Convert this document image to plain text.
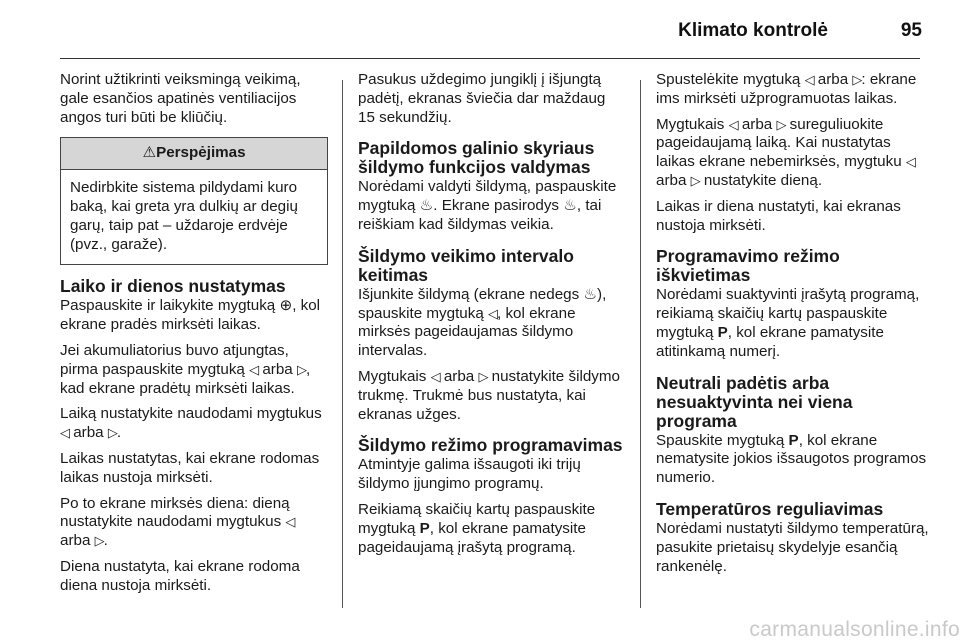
Klimato kontrolė	95

Norint užtikrinti veiksmingą veikimą, gale esančios apatinės ventiliacijos angos turi būti be kliūčių.

⚠Perspėjimas
Nedirbkite sistema pildydami kuro baką, kai greta yra dulkių ar degių garų, taip pat – uždaroje erdvėje (pvz., garaže).
Laiko ir dienos nustatymas

Paspauskite ir laikykite mygtuką ⊕, kol ekrane pradės mirksėti laikas.

Jei akumuliatorius buvo atjungtas, pirma paspauskite mygtuką ◁ arba ▷, kad ekrane pradėtų mirksėti laikas.

Laiką nustatykite naudodami mygtukus ◁ arba ▷.

Laikas nustatytas, kai ekrane rodomas laikas nustoja mirksėti.

Po to ekrane mirksės diena: dieną nustatykite naudodami mygtukus ◁ arba ▷.

Diena nustatyta, kai ekrane rodoma diena nustoja mirksėti.

Pasukus uždegimo jungiklį į išjungtą padėtį, ekranas šviečia dar maždaug 15 sekundžių.

Papildomos galinio skyriaus šildymo funkcijos valdymas

Norėdami valdyti šildymą, paspauskite mygtuką ♨. Ekrane pasirodys ♨, tai reiškiam kad šildymas veikia.

Šildymo veikimo intervalo keitimas

Išjunkite šildymą (ekrane nedegs ♨), spauskite mygtuką ◁, kol ekrane mirksės pageidaujamas šildymo intervalas.

Mygtukais ◁ arba ▷ nustatykite šildymo trukmę. Trukmė bus nustatyta, kai ekranas užges.

Šildymo režimo programavimas

Atmintyje galima išsaugoti iki trijų šildymo įjungimo programų.

Reikiamą skaičių kartų paspauskite mygtuką P, kol ekrane pamatysite pageidaujamą įrašytą programą.

Spustelėkite mygtuką ◁ arba ▷: ekrane ims mirksėti užprogramuotas laikas.

Mygtukais ◁ arba ▷ sureguliuokite pageidaujamą laiką. Kai nustatytas laikas ekrane nebemirksės, mygtuku ◁ arba ▷ nustatykite dieną.

Laikas ir diena nustatyti, kai ekranas nustoja mirksėti.

Programavimo režimo iškvietimas

Norėdami suaktyvinti įrašytą programą, reikiamą skaičių kartų paspauskite mygtuką P, kol ekrane pamatysite atitinkamą numerį.

Neutrali padėtis arba nesuaktyvinta nei viena programa

Spauskite mygtuką P, kol ekrane nematysite jokios išsaugotos programos numerio.

Temperatūros reguliavimas

Norėdami nustatyti šildymo temperatūrą, pasukite prietaisų skydelyje esančią rankenėlę.

carmanualsonline.info
